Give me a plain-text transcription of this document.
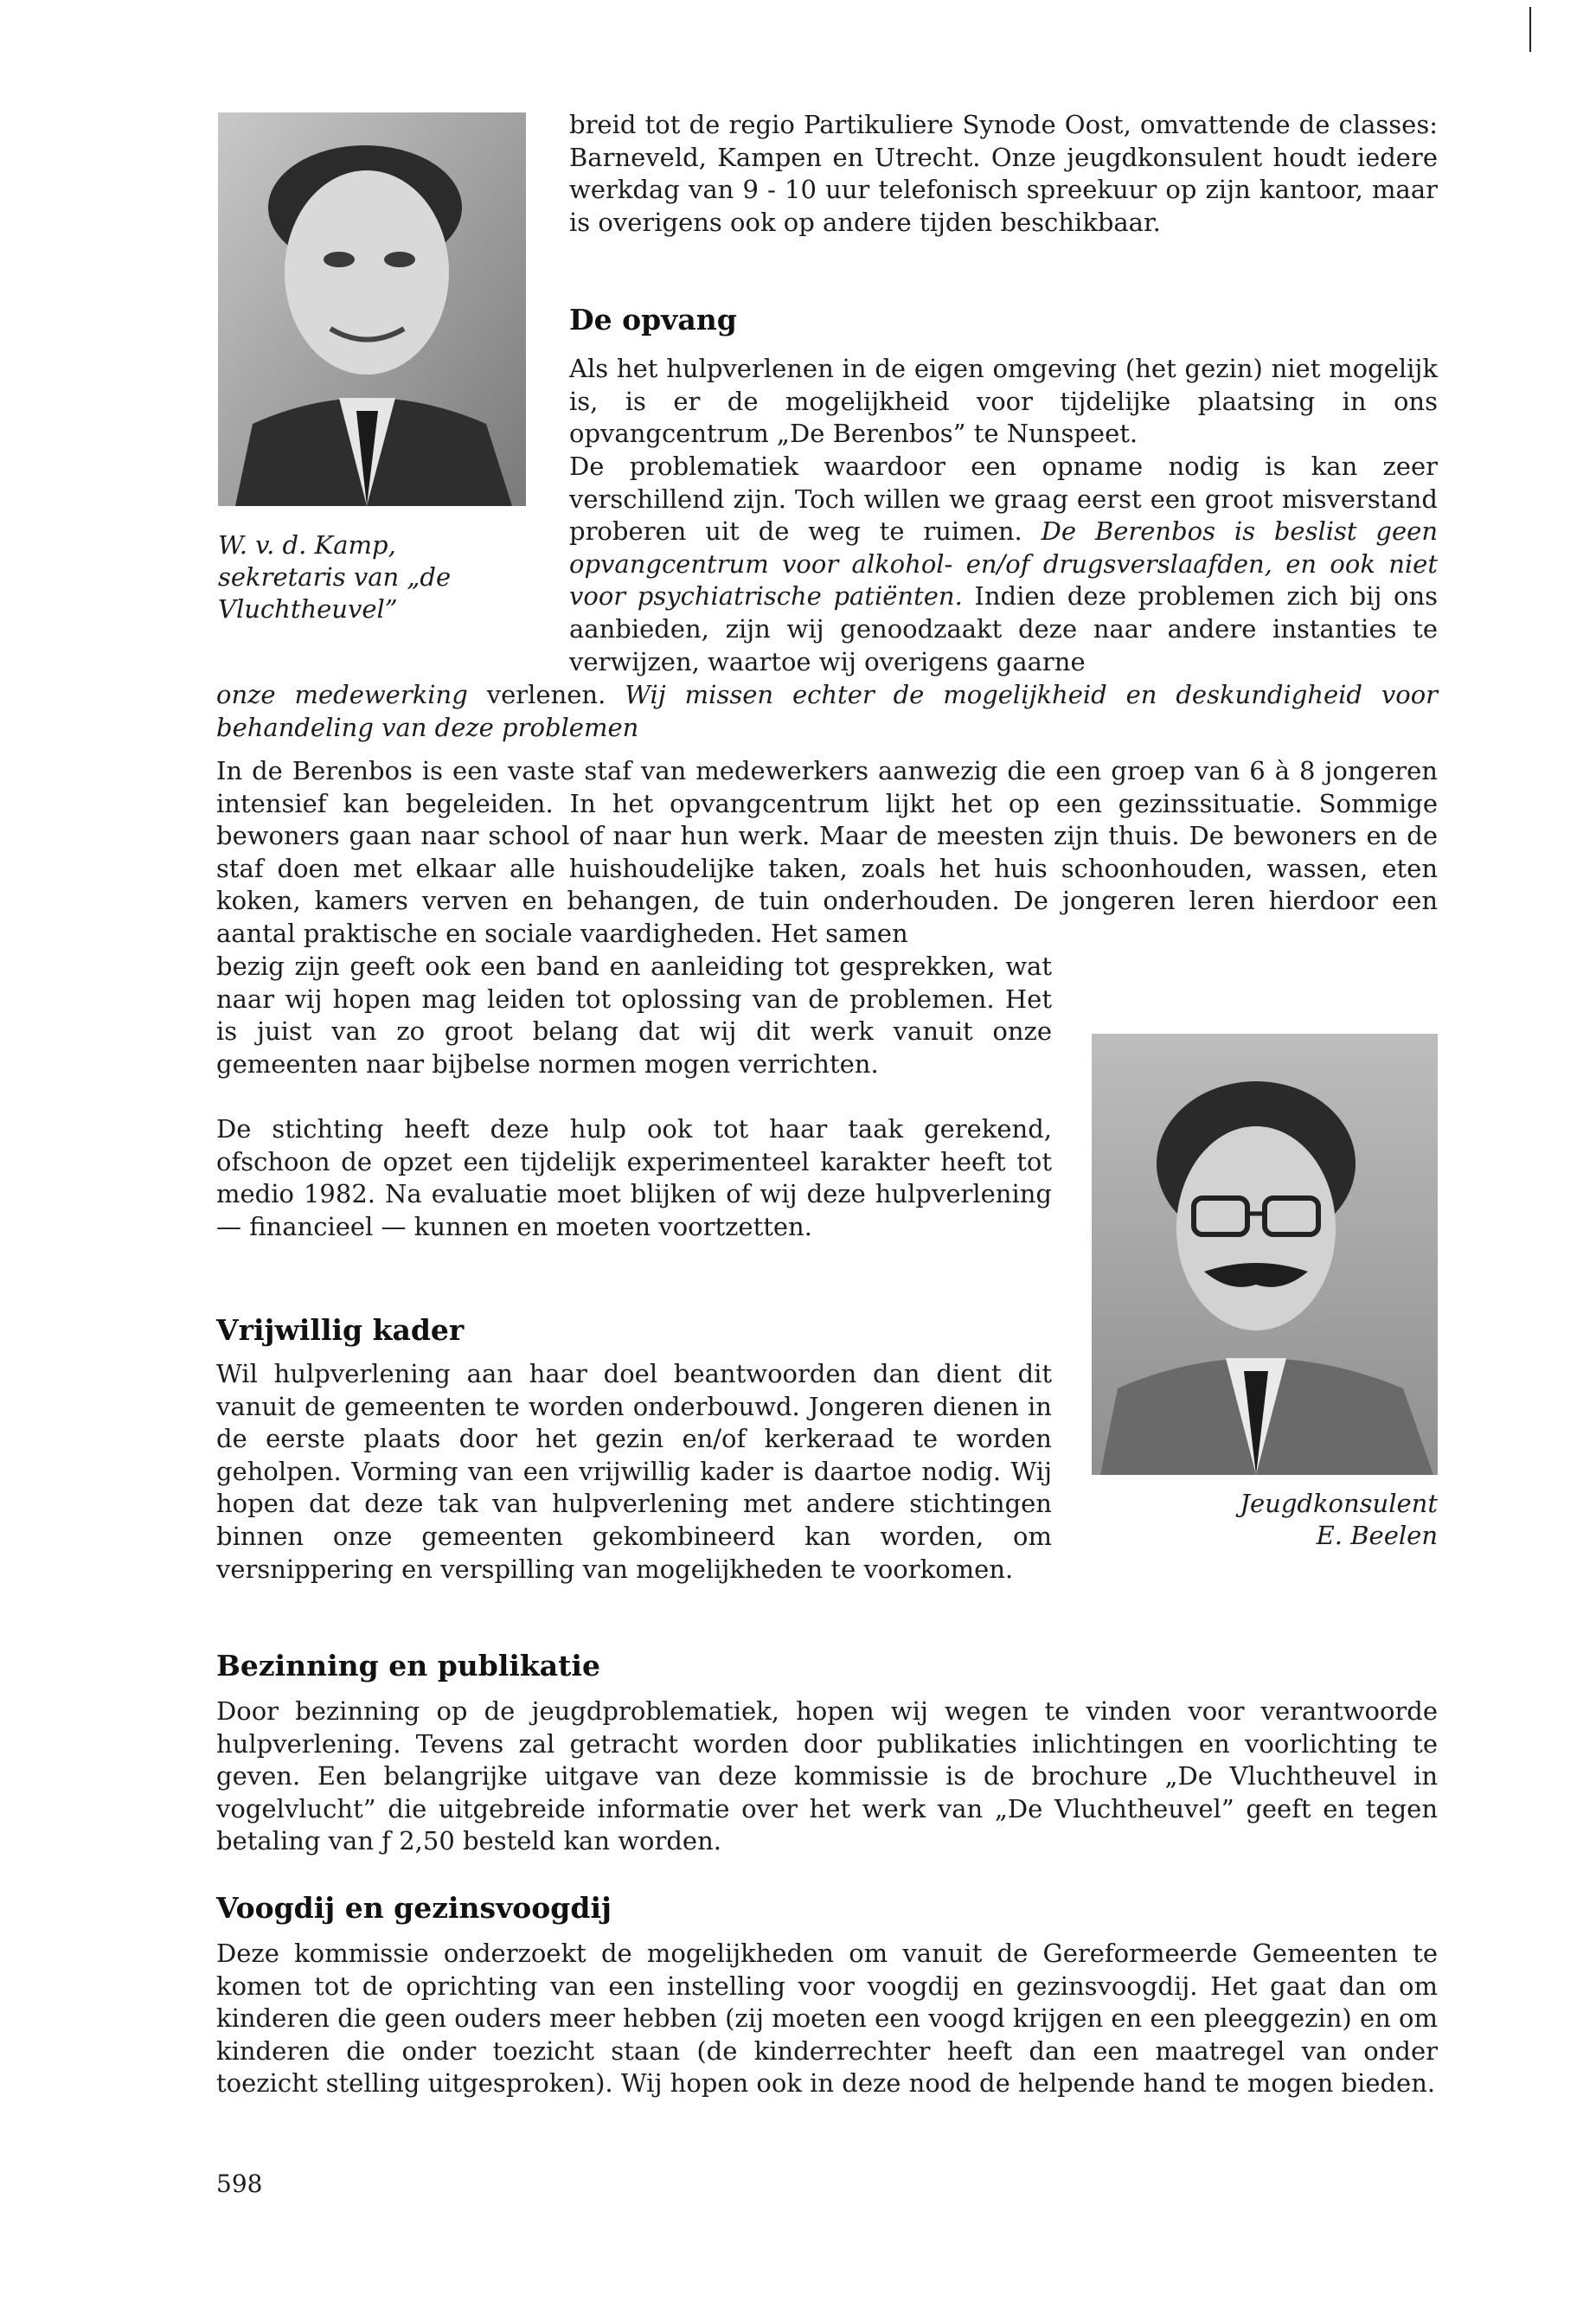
W. v. d. Kamp,

sekretaris van „de

Vluchtheuvel”

breid tot de regio Partikuliere Synode Oost, omvattende de classes: Barneveld, Kampen en Utrecht. Onze jeugdkonsulent houdt iedere werkdag van 9 - 10 uur telefonisch spreekuur op zijn kantoor, maar is overigens ook op andere tijden beschikbaar.

De opvang

Als het hulpverlenen in de eigen omgeving (het gezin) niet mogelijk is, is er de mogelijkheid voor tijdelijke plaatsing in ons opvangcentrum „De Berenbos” te Nunspeet.

De problematiek waardoor een opname nodig is kan zeer verschillend zijn. Toch willen we graag eerst een groot misverstand proberen uit de weg te ruimen. De Berenbos is beslist geen opvangcentrum voor alkohol- en/of drugsverslaafden, en ook niet voor psychiatrische patiënten. Indien deze problemen zich bij ons aanbieden, zijn wij genoodzaakt deze naar andere instanties te verwijzen, waartoe wij overigens gaarne

onze medewerking verlenen. Wij missen echter de mogelijkheid en deskundigheid voor behandeling van deze problemen

In de Berenbos is een vaste staf van medewerkers aanwezig die een groep van 6 à 8 jongeren intensief kan begeleiden. In het opvangcentrum lijkt het op een gezinssituatie. Sommige bewoners gaan naar school of naar hun werk. Maar de meesten zijn thuis. De bewoners en de staf doen met elkaar alle huishoudelijke taken, zoals het huis schoonhouden, wassen, eten koken, kamers verven en behangen, de tuin onderhouden. De jongeren leren hierdoor een aantal praktische en sociale vaardigheden. Het samen

bezig zijn geeft ook een band en aanleiding tot gesprekken, wat naar wij hopen mag leiden tot oplossing van de problemen. Het is juist van zo groot belang dat wij dit werk vanuit onze gemeenten naar bijbelse normen mogen verrichten.

De stichting heeft deze hulp ook tot haar taak gerekend, ofschoon de opzet een tijdelijk experimenteel karakter heeft tot medio 1982. Na evaluatie moet blijken of wij deze hulpverlening — financieel — kunnen en moeten voortzetten.

Vrijwillig kader

Wil hulpverlening aan haar doel beantwoorden dan dient dit vanuit de gemeenten te worden onderbouwd. Jongeren dienen in de eerste plaats door het gezin en/of kerkeraad te worden geholpen. Vorming van een vrijwillig kader is daartoe nodig. Wij hopen dat deze tak van hulpverlening met andere stichtingen binnen onze gemeenten gekombineerd kan worden, om versnippering en verspilling van mogelijkheden te voorkomen.

Jeugdkonsulent

E. Beelen

Bezinning en publikatie

Door bezinning op de jeugdproblematiek, hopen wij wegen te vinden voor verantwoorde hulpverlening. Tevens zal getracht worden door publikaties inlichtingen en voorlichting te geven. Een belangrijke uitgave van deze kommissie is de brochure „De Vluchtheuvel in vogelvlucht” die uitgebreide informatie over het werk van „De Vluchtheuvel” geeft en tegen betaling van ƒ 2,50 besteld kan worden.

Voogdij en gezinsvoogdij

Deze kommissie onderzoekt de mogelijkheden om vanuit de Gereformeerde Gemeenten te komen tot de oprichting van een instelling voor voogdij en gezinsvoogdij. Het gaat dan om kinderen die geen ouders meer hebben (zij moeten een voogd krijgen en een pleeggezin) en om kinderen die onder toezicht staan (de kinderrechter heeft dan een maatregel van onder toezicht stelling uitgesproken). Wij hopen ook in deze nood de helpende hand te mogen bieden.

598
